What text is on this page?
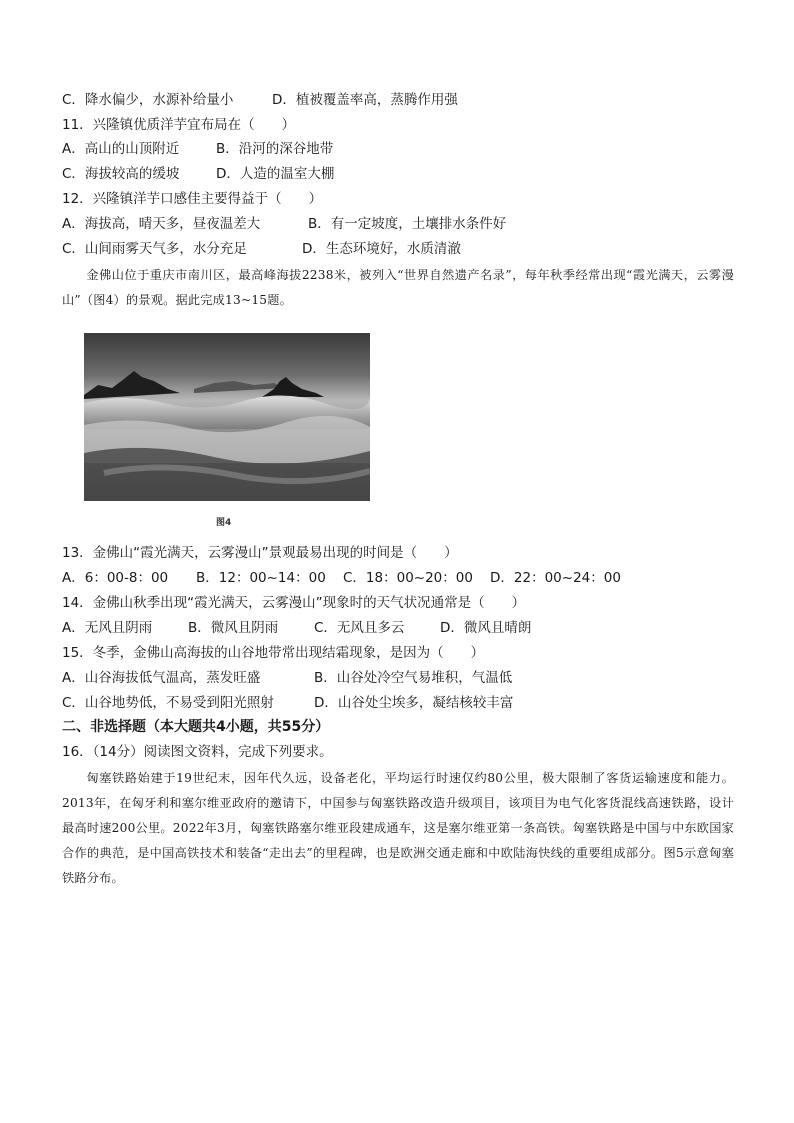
C．降水偏少，水源补给量小	D．植被覆盖率高，蒸腾作用强
11．兴隆镇优质洋芋宜布局在（　　）
A．高山的山顶附近	B．沿河的深谷地带
C．海拔较高的缓坡	D．人造的温室大棚
12．兴隆镇洋芋口感佳主要得益于（　　）
A．海拔高，晴天多，昼夜温差大	B．有一定坡度，土壤排水条件好
C．山间雨雾天气多，水分充足	D．生态环境好，水质清澈
金佛山位于重庆市南川区，最高峰海拔2238米，被列入“世界自然遗产名录”，每年秋季经常出现“霞光满天，云雾漫山”（图4）的景观。据此完成13~15题。
图4
13．金佛山“霞光满天，云雾漫山”景观最易出现的时间是（　　）
A．6：00-8：00 B．12：00~14：00 C．18：00~20：00 D．22：00~24：00
14．金佛山秋季出现“霞光满天，云雾漫山”现象时的天气状况通常是（　　）
A．无风且阴雨	B．微风且阴雨	C．无风且多云	D．微风且晴朗
15．冬季，金佛山高海拔的山谷地带常出现结霜现象，是因为（　　）
A．山谷海拔低气温高，蒸发旺盛	B．山谷处冷空气易堆积，气温低
C．山谷地势低，不易受到阳光照射	D．山谷处尘埃多，凝结核较丰富
二、非选择题（本大题共4小题，共55分）
16．（14分）阅读图文资料，完成下列要求。
匈塞铁路始建于19世纪末，因年代久远，设备老化，平均运行时速仅约80公里，极大限制了客货运输速度和能力。2013年，在匈牙利和塞尔维亚政府的邀请下，中国参与匈塞铁路改造升级项目，该项目为电气化客货混线高速铁路，设计最高时速200公里。2022年3月，匈塞铁路塞尔维亚段建成通车，这是塞尔维亚第一条高铁。匈塞铁路是中国与中东欧国家合作的典范，是中国高铁技术和装备“走出去”的里程碑，也是欧洲交通走廊和中欧陆海快线的重要组成部分。图5示意匈塞铁路分布。
